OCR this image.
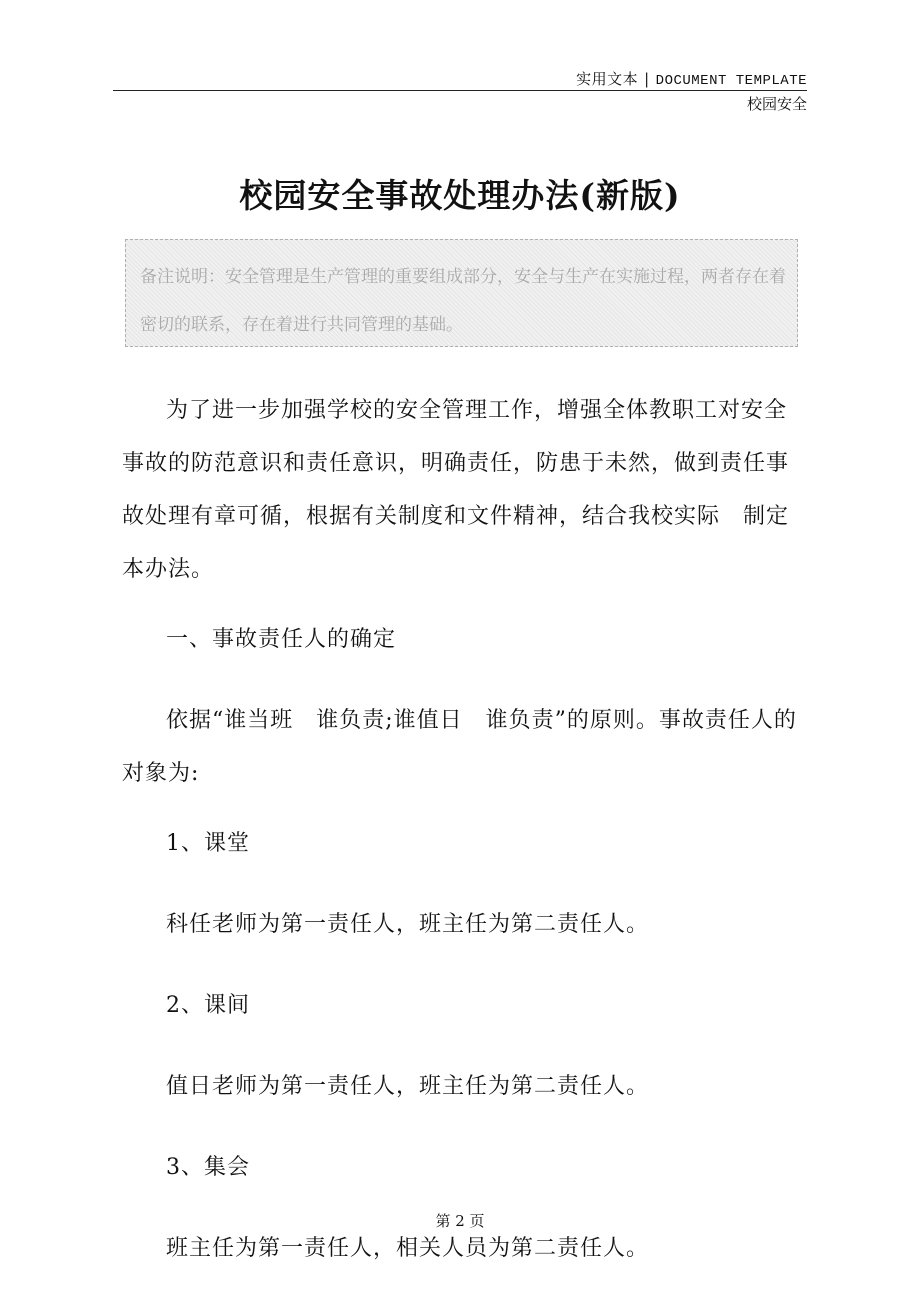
实用文本 | DOCUMENT TEMPLATE
校园安全
校园安全事故处理办法(新版)
备注说明：安全管理是生产管理的重要组成部分，安全与生产在实施过程，两者存在着密切的联系，存在着进行共同管理的基础。

为了进一步加强学校的安全管理工作，增强全体教职工对安全事故的防范意识和责任意识，明确责任，防患于未然，做到责任事故处理有章可循，根据有关制度和文件精神，结合我校实际　制定本办法。

一、事故责任人的确定

依据“谁当班　谁负责;谁值日　谁负责”的原则。事故责任人的对象为:

1、课堂

科任老师为第一责任人，班主任为第二责任人。

2、课间

值日老师为第一责任人，班主任为第二责任人。

3、集会

班主任为第一责任人，相关人员为第二责任人。

第 2 页
